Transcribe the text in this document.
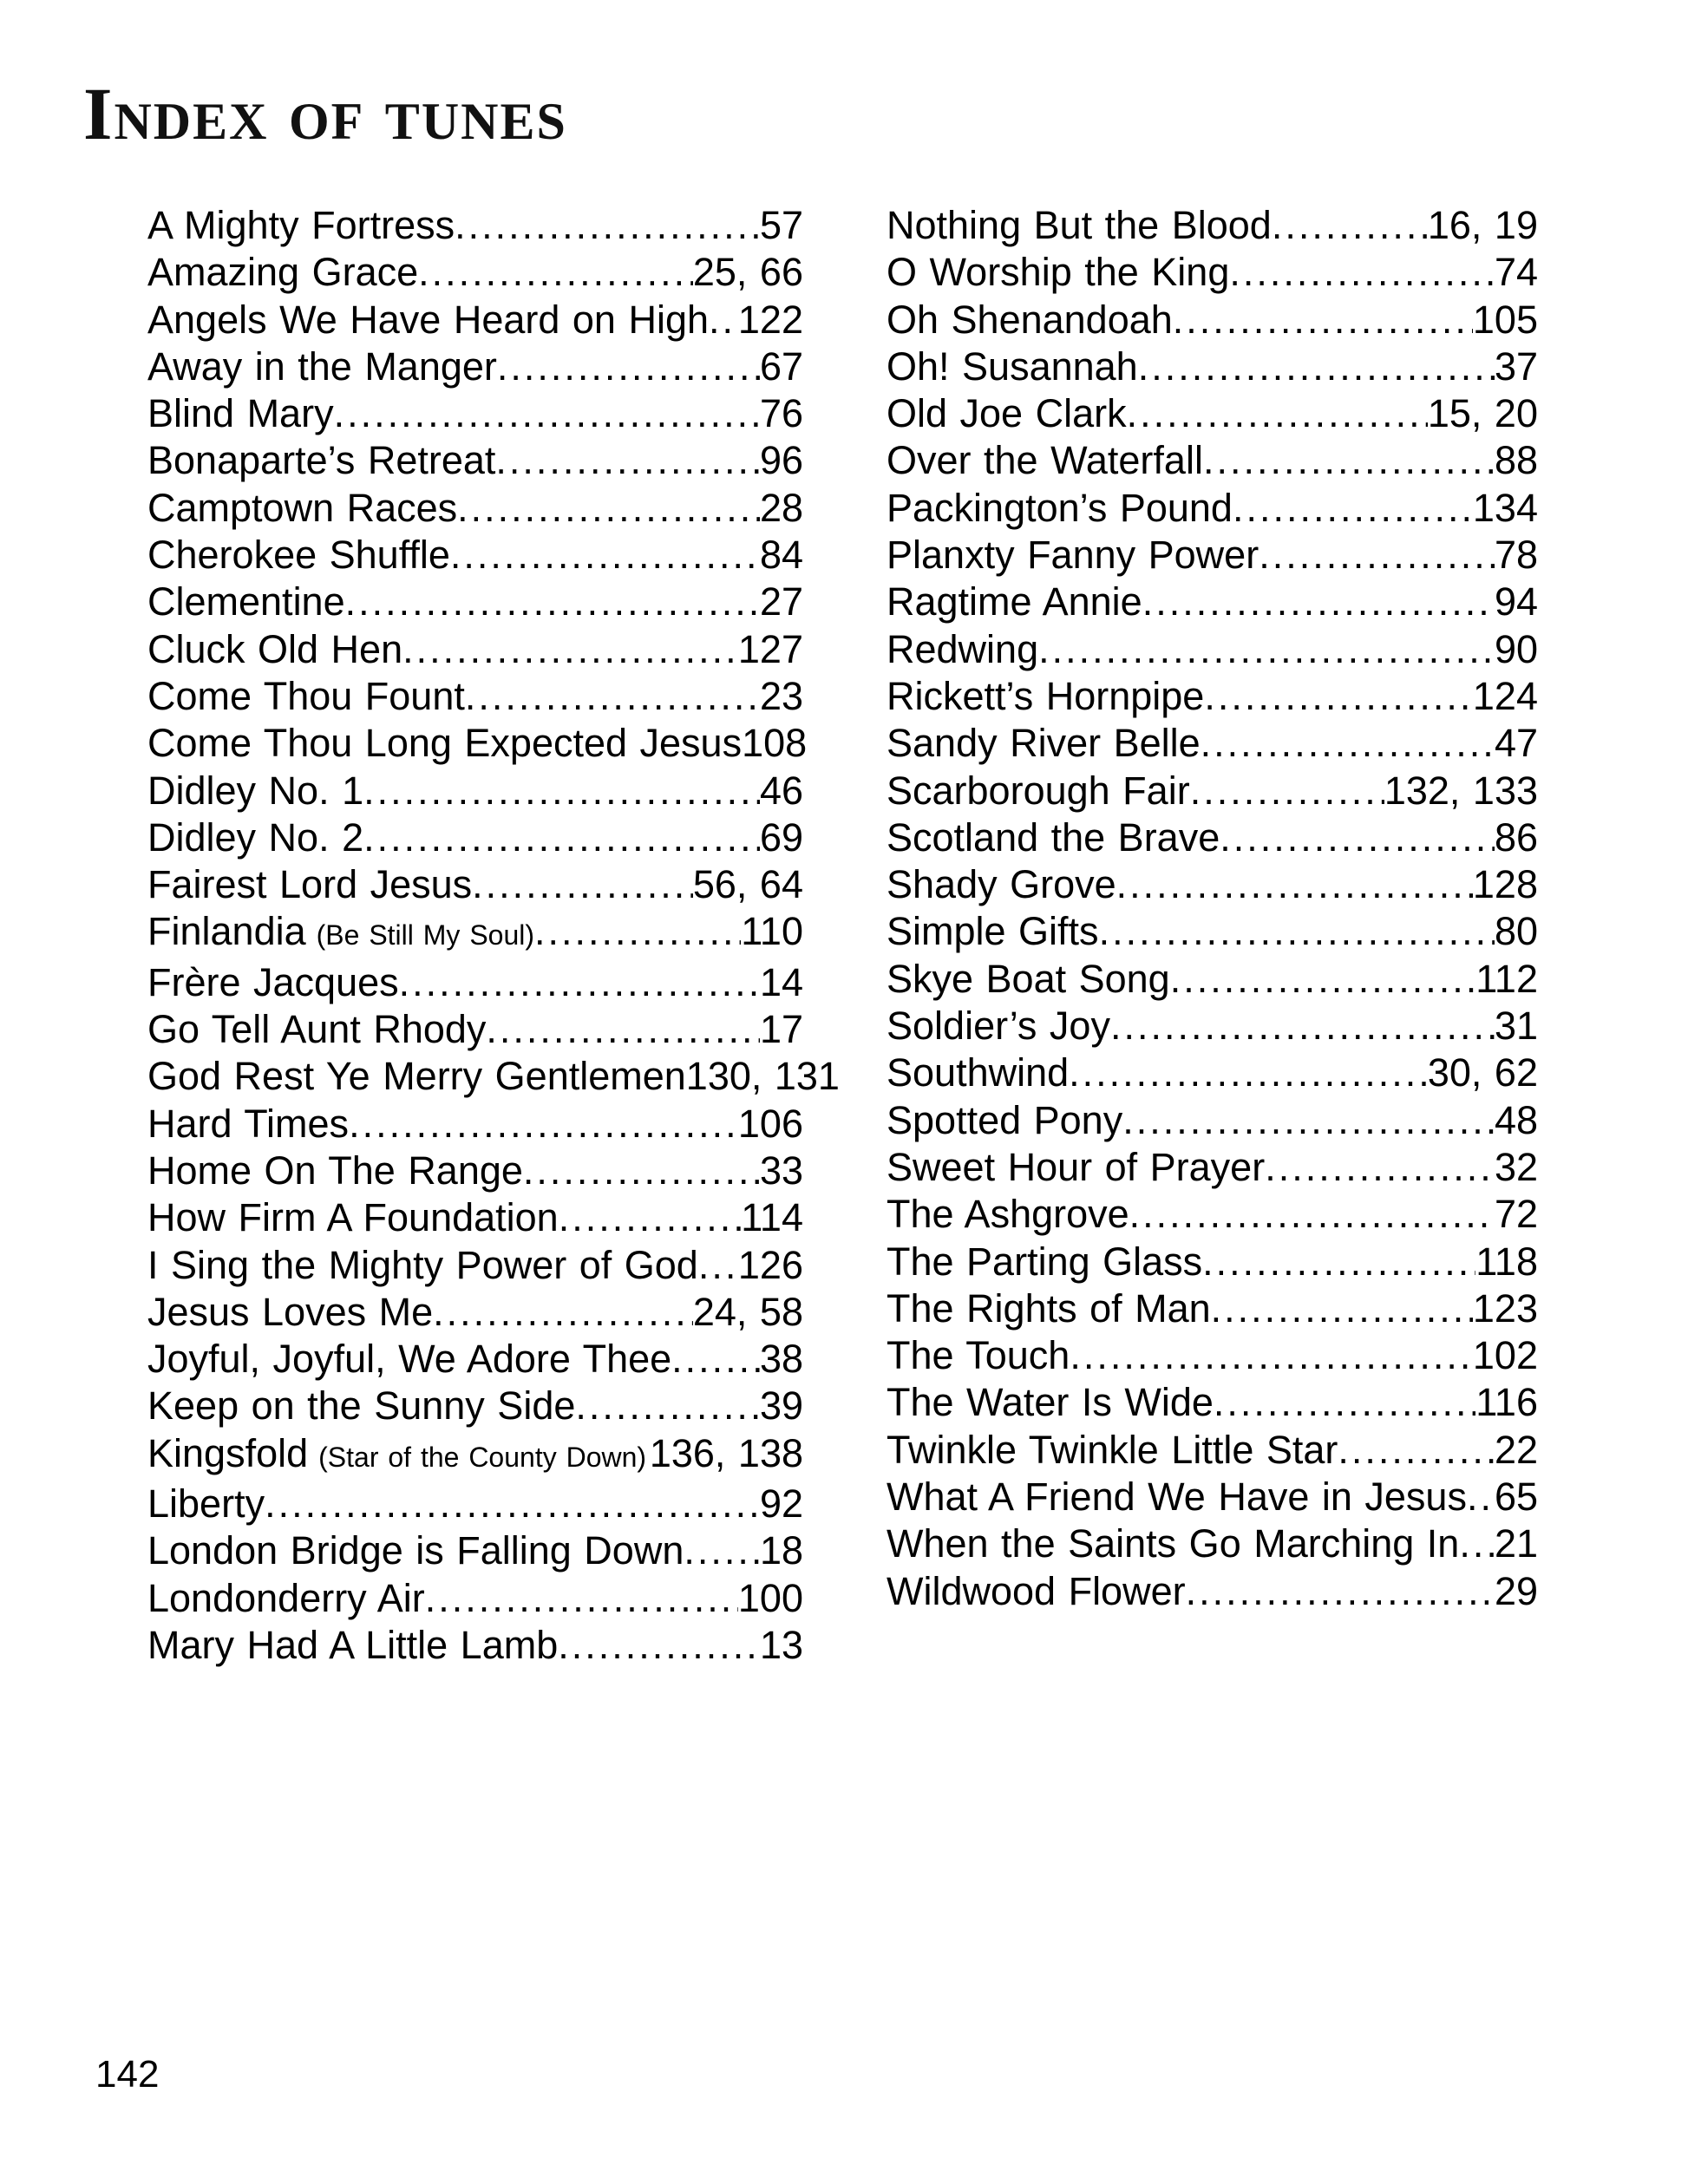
Index of tunes
A Mighty Fortress .....	57
Amazing Grace .....	25, 66
Angels We Have Heard on High ..... 122
Away in the Manger .....	67
Blind Mary .....	76
Bonaparte’s Retreat .....	96
Camptown Races .....	28
Cherokee Shuffle .....	84
Clementine .....	27
Cluck Old Hen .....	127
Come Thou Fount .....	23
Come Thou Long Expected Jesus 108
Didley No. 1 .....	46
Didley No. 2 .....	69
Fairest Lord Jesus .....	56, 64
Finlandia (Be Still My Soul) .....	110
Frère Jacques .....	14
Go Tell Aunt Rhody .....	17
God Rest Ye Merry Gentlemen 130, 131
Hard Times .....	106
Home On The Range .....	33
How Firm A Foundation .....	114
I Sing the Mighty Power of God ..... 126
Jesus Loves Me .....	24, 58
Joyful, Joyful, We Adore Thee ..... 38
Keep on the Sunny Side .....	39
Kingsfold (Star of the County Down) ..... 136, 138
Liberty .....	92
London Bridge is Falling Down ..... 18
Londonderry Air .....	100
Mary Had A Little Lamb .....	13
Nothing But the Blood .....	16, 19
O Worship the King .....	74
Oh Shenandoah .....	105
Oh! Susannah .....	37
Old Joe Clark .....	15, 20
Over the Waterfall .....	88
Packington’s Pound .....	134
Planxty Fanny Power .....	78
Ragtime Annie .....	94
Redwing .....	90
Rickett’s Hornpipe .....	124
Sandy River Belle .....	47
Scarborough Fair .....	132, 133
Scotland the Brave .....	86
Shady Grove .....	128
Simple Gifts .....	80
Skye Boat Song .....	112
Soldier’s Joy .....	31
Southwind .....	30, 62
Spotted Pony .....	48
Sweet Hour of Prayer .....	32
The Ashgrove .....	72
The Parting Glass .....	118
The Rights of Man .....	123
The Touch .....	102
The Water Is Wide .....	116
Twinkle Twinkle Little Star .....	22
What A Friend We Have in Jesus ..... 65
When the Saints Go Marching In ..... 21
Wildwood Flower .....	29
142
